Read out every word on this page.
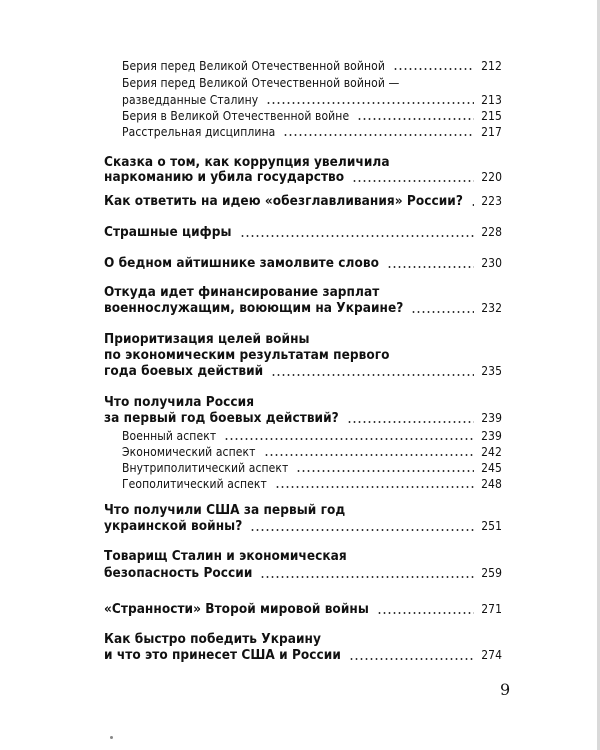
Берия перед Великой Отечественной войной	212
Берия перед Великой Отечественной войной —
разведданные Сталину	213
Берия в Великой Отечественной войне	215
Расстрельная дисциплина	217
Сказка о том, как коррупция увеличила
наркоманию и убила государство	220
Как ответить на идею «обезглавливания» России? 223
Страшные цифры	228
О бедном айтишнике замолвите слово	230
Откуда идет финансирование зарплат
военнослужащим, воюющим на Украине?	232
Приоритизация целей войны
по экономическим результатам первого
года боевых действий	235
Что получила Россия
за первый год боевых действий?	239
Военный аспект	239
Экономический аспект	242
Внутриполитический аспект	245
Геополитический аспект	248
Что получили США за первый год
украинской войны?	251
Товарищ Сталин и экономическая
безопасность России	259
«Странности» Второй мировой войны	271
Как быстро победить Украину
и что это принесет США и России	274
9
